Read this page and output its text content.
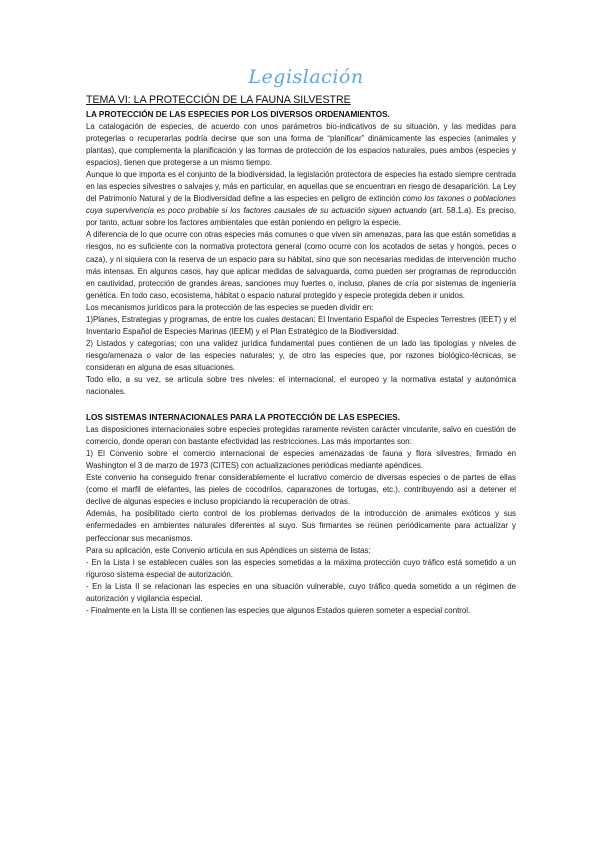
Legislación
TEMA VI: LA PROTECCIÓN DE LA FAUNA SILVESTRE
LA PROTECCIÓN DE LAS ESPECIES POR LOS DIVERSOS ORDENAMIENTOS.
La catalogación de especies, de acuerdo con unos parámetros bio-indicativos de su situación, y las medidas para protegerlas o recuperarlas podría decirse que son una forma de “planificar” dinámicamente las especies (animales y plantas), que complementa la planificación y las formas de protección de los espacios naturales, pues ambos (especies y espacios), tienen que protegerse a un mismo tiempo.
Aunque lo que importa es el conjunto de la biodiversidad, la legislación protectora de especies ha estado siempre centrada en las especies silvestres o salvajes y, más en particular, en aquellas que se encuentran en riesgo de desaparición. La Ley del Patrimonio Natural y de la Biodiversidad define a las especies en peligro de extinción como los taxones o poblaciones cuya supervivencia es poco probable si los factores causales de su actuación siguen actuando (art. 58.1.a). Es preciso, por tanto, actuar sobre los factores ambientales que están poniendo en peligro la especie.
A diferencia de lo que ocurre con otras especies más comunes o que viven sin amenazas, para las que están sometidas a riesgos, no es suficiente con la normativa protectora general (como ocurre con los acotados de setas y hongos, peces o caza), y ni siquiera con la reserva de un espacio para su hábitat, sino que son necesarias medidas de intervención mucho más intensas. En algunos casos, hay que aplicar medidas de salvaguarda, como pueden ser programas de reproducción en cautividad, protección de grandes áreas, sanciones muy fuertes o, incluso, planes de cría por sistemas de ingeniería genética. En todo caso, ecosistema, hábitat o espacio natural protegido y especie protegida deben ir unidos.
Los mecanismos jurídicos para la protección de las especies se pueden dividir en:
1)Planes, Estrategias y programas, de entre los cuales destacan: El Inventario Español de Especies Terrestres (IEET) y el Inventario Español de Especies Marinas (IEEM) y el Plan Estratégico de la Biodiversidad.
2) Listados y categorías; con una validez jurídica fundamental pues contienen de un lado las tipologías y niveles de riesgo/amenaza o valor de las especies naturales; y, de otro las especies que, por razones biológico-técnicas, se consideran en alguna de esas situaciones.
Todo ello, a su vez, se articula sobre tres niveles: el internacional, el europeo y la normativa estatal y autonómica nacionales.
LOS SISTEMAS INTERNACIONALES PARA LA PROTECCIÓN DE LAS ESPECIES.
Las disposiciones internacionales sobre especies protegidas raramente revisten carácter vinculante, salvo en cuestión de comercio, donde operan con bastante efectividad las restricciones. Las más importantes son:
1) El Convenio sobre el comercio internacional de especies amenazadas de fauna y flora silvestres, firmado en Washington el 3 de marzo de 1973 (CITES) con actualizaciones periódicas mediante apéndices.
Este convenio ha conseguido frenar considerablemente el lucrativo comercio de diversas especies o de partes de ellas (como el marfil de elefantes, las pieles de cocodrilos, caparazones de tortugas, etc.), contribuyendo así a detener el declive de algunas especies e incluso propiciando la recuperación de otras.
Además, ha posibilitado cierto control de los problemas derivados de la introducción de animales exóticos y sus enfermedades en ambientes naturales diferentes al suyo. Sus firmantes se reúnen periódicamente para actualizar y perfeccionar sus mecanismos.
Para su aplicación, este Convenio articula en sus Apéndices un sistema de listas:
- En la Lista I se establecen cuáles son las especies sometidas a la máxima protección cuyo tráfico está sometido a un riguroso sistema especial de autorización.
- En la Lista II se relacionan las especies en una situación vulnerable, cuyo tráfico queda sometido a un régimen de autorización y vigilancia especial.
- Finalmente en la Lista III se contienen las especies que algunos Estados quieren someter a especial control.
